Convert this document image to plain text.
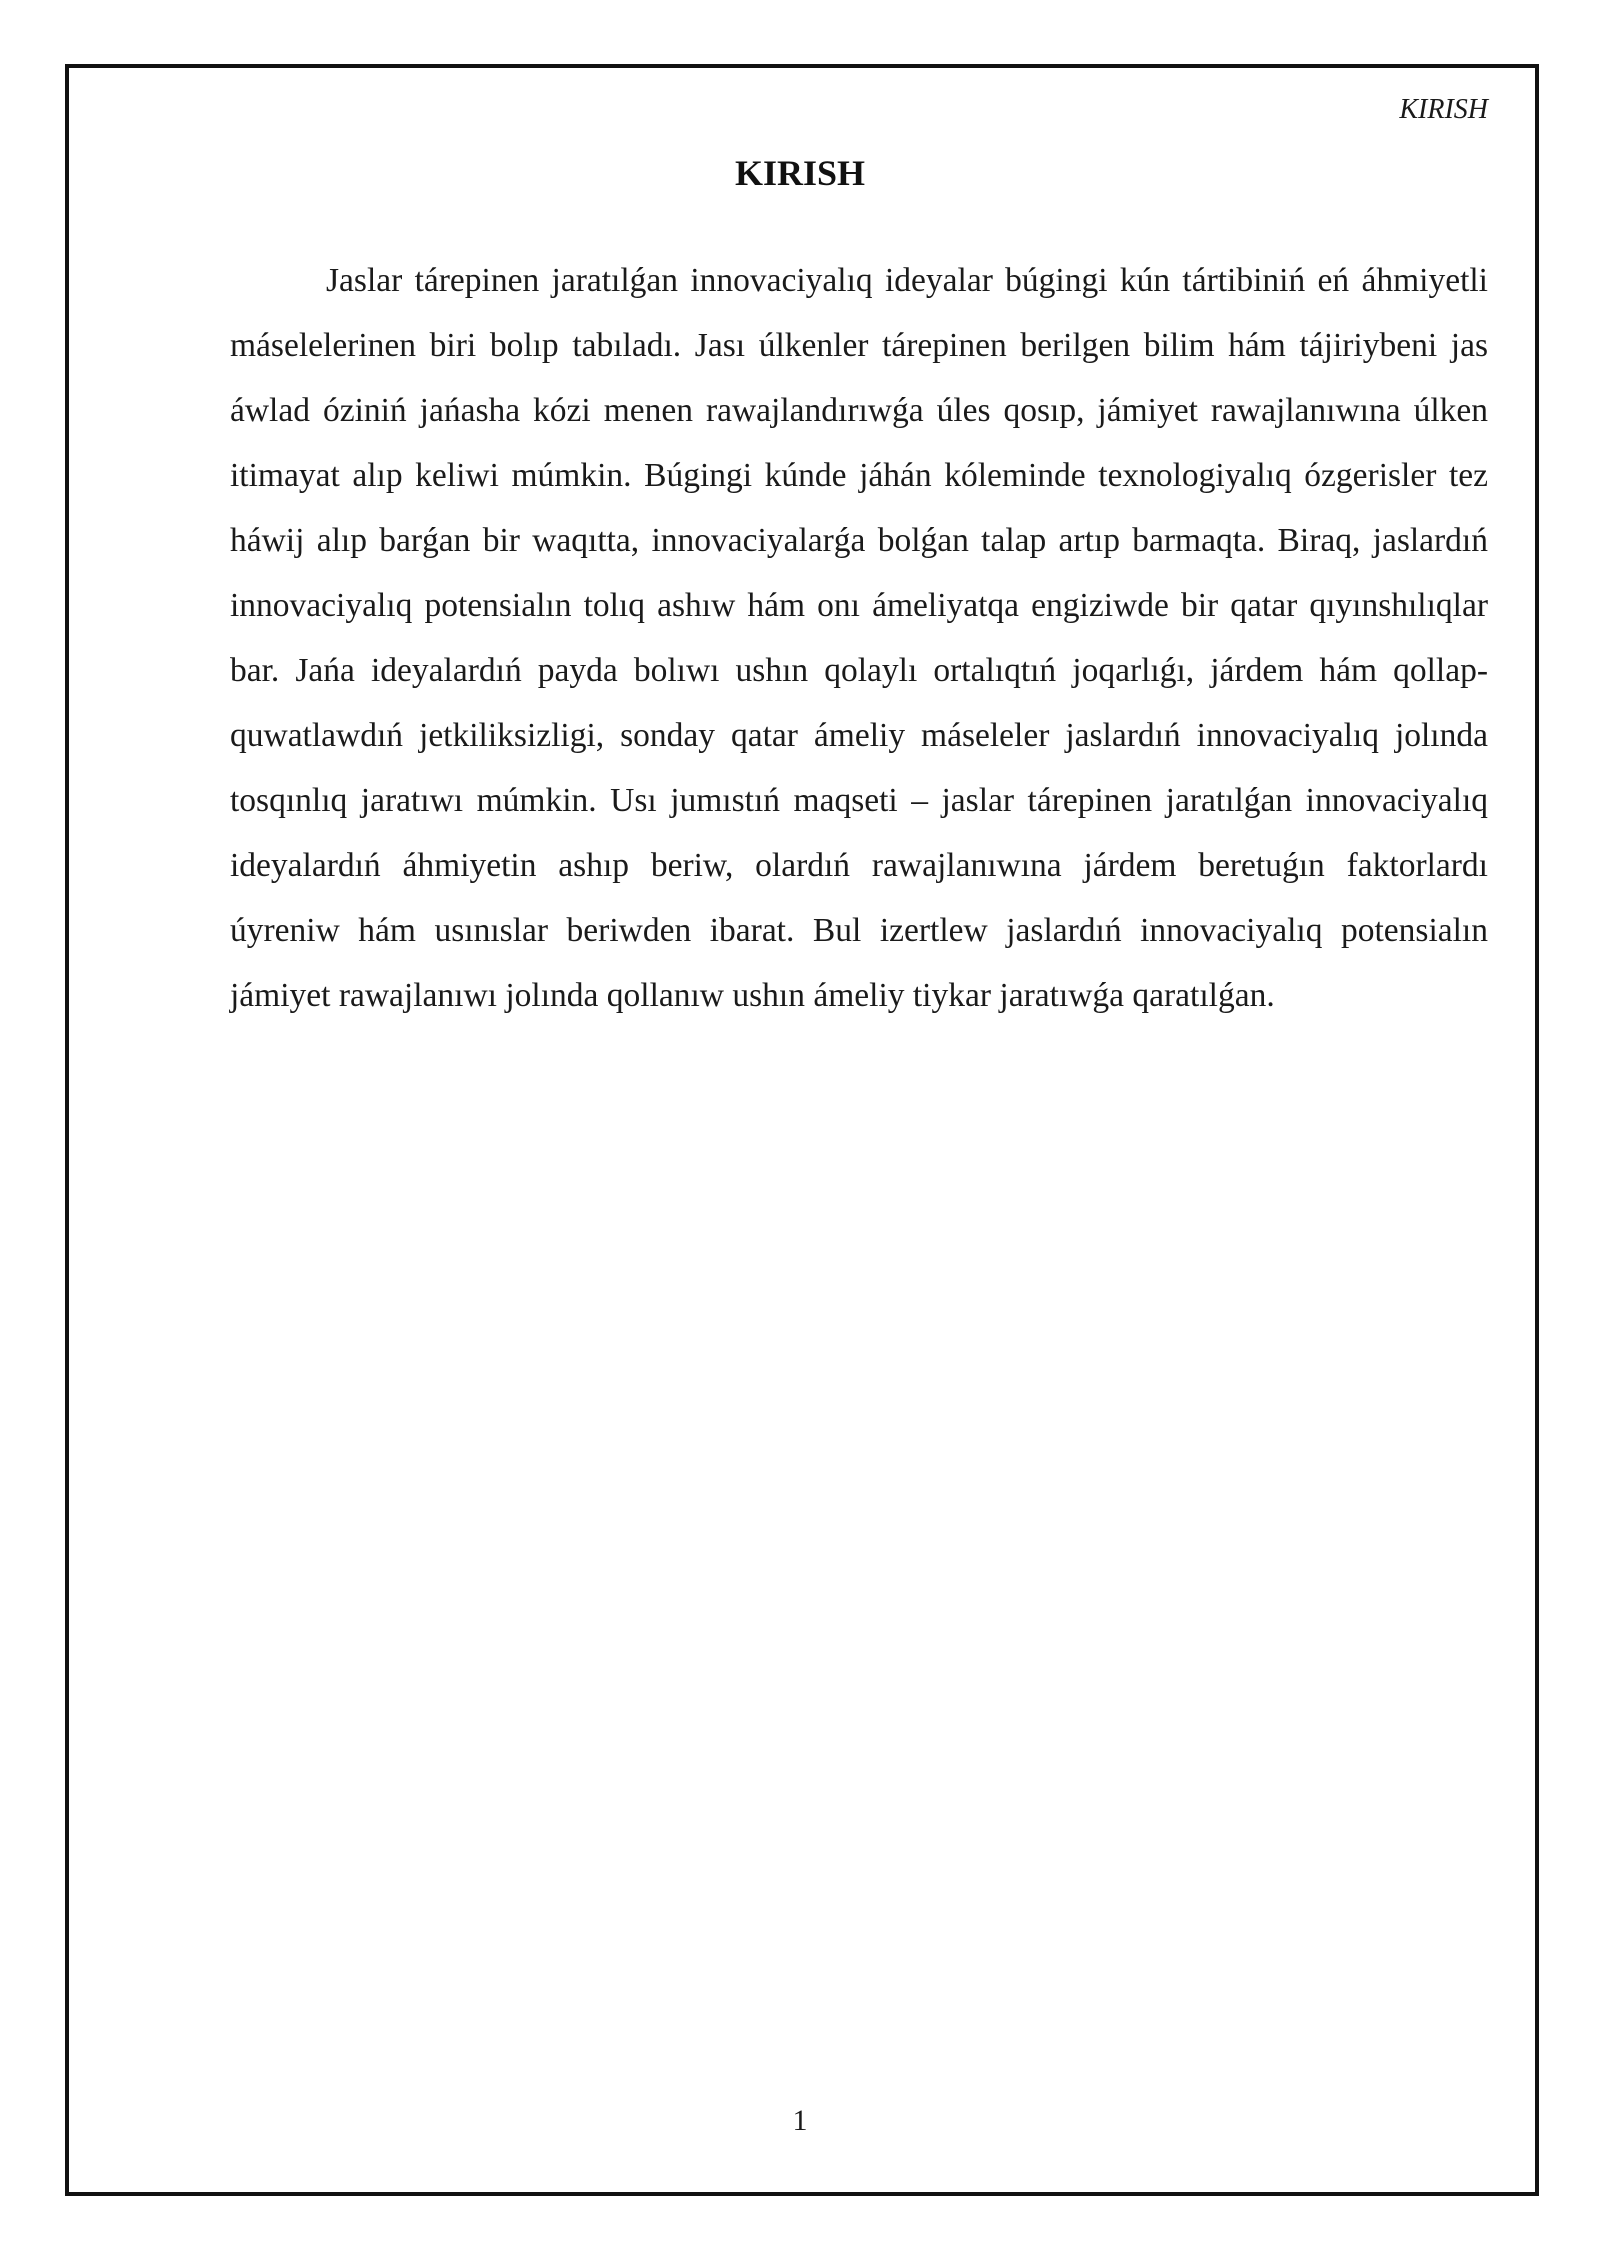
KIRISH
KIRISH

Jaslar tárepinen jaratılǵan innovaciyalıq ideyalar búgingi kún tártibiniń eń áhmiyetli máselelerinen biri bolıp tabıladı. Jası úlkenler tárepinen berilgen bilim hám tájiriybeni jas áwlad óziniń jańasha kózi menen rawajlandırıwǵa úles qosıp, jámiyet rawajlanıwına úlken itimayat alıp keliwi múmkin. Búgingi kúnde jáhán kóleminde texnologiyalıq ózgerisler tez háwij alıp barǵan bir waqıtta, innovaciyalarǵa bolǵan talap artıp barmaqta. Biraq, jaslardıń innovaciyalıq potensialın tolıq ashıw hám onı ámeliyatqa engiziwde bir qatar qıyınshılıqlar bar. Jańa ideyalardıń payda bolıwı ushın qolaylı ortalıqtıń joqarlıǵı, járdem hám qollap-quwatlawdıń jetkiliksizligi, sonday qatar ámeliy máseleler jaslardıń innovaciyalıq jolında tosqınlıq jaratıwı múmkin. Usı jumıstıń maqseti – jaslar tárepinen jaratılǵan innovaciyalıq ideyalardıń áhmiyetin ashıp beriw, olardıń rawajlanıwına járdem beretuǵın faktorlardı úyreniw hám usınıslar beriwden ibarat. Bul izertlew jaslardıń innovaciyalıq potensialın jámiyet rawajlanıwı jolında qollanıw ushın ámeliy tiykar jaratıwǵa qaratılǵan.

1
